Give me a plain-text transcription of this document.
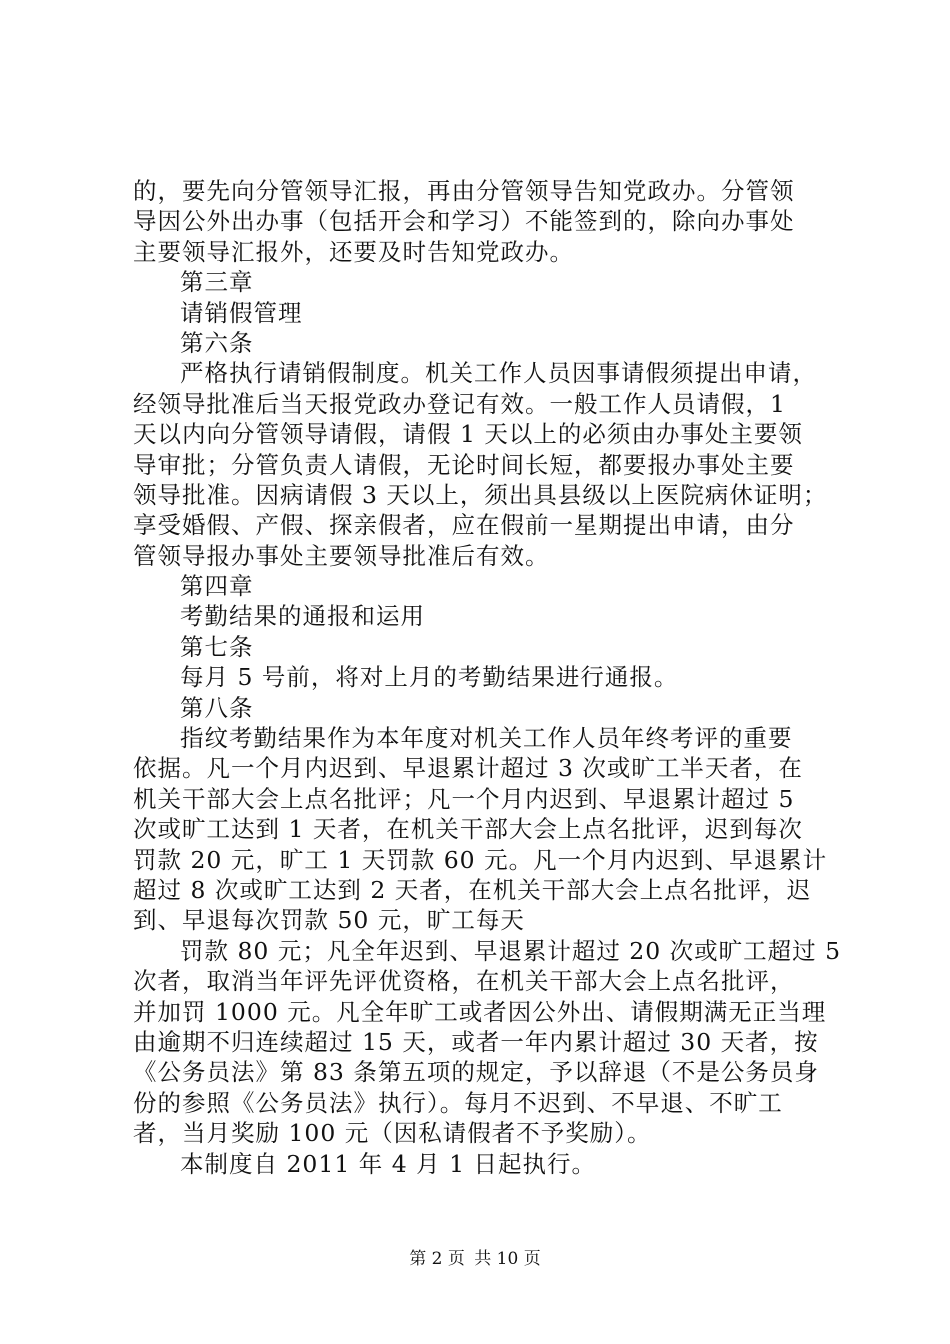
的，要先向分管领导汇报，再由分管领导告知党政办。分管领
导因公外出办事（包括开会和学习）不能签到的，除向办事处
主要领导汇报外，还要及时告知党政办。
第三章
请销假管理
第六条
严格执行请销假制度。机关工作人员因事请假须提出申请，
经领导批准后当天报党政办登记有效。一般工作人员请假，1
天以内向分管领导请假，请假 1 天以上的必须由办事处主要领
导审批；分管负责人请假，无论时间长短，都要报办事处主要
领导批准。因病请假 3 天以上，须出具县级以上医院病休证明；
享受婚假、产假、探亲假者，应在假前一星期提出申请，由分
管领导报办事处主要领导批准后有效。
第四章
考勤结果的通报和运用
第七条
每月 5 号前，将对上月的考勤结果进行通报。
第八条
指纹考勤结果作为本年度对机关工作人员年终考评的重要
依据。凡一个月内迟到、早退累计超过 3 次或旷工半天者，在
机关干部大会上点名批评；凡一个月内迟到、早退累计超过 5
次或旷工达到 1 天者，在机关干部大会上点名批评，迟到每次
罚款 20 元，旷工 1 天罚款 60 元。凡一个月内迟到、早退累计
超过 8 次或旷工达到 2 天者，在机关干部大会上点名批评，迟
到、早退每次罚款 50 元，旷工每天
罚款 80 元；凡全年迟到、早退累计超过 20 次或旷工超过 5
次者，取消当年评先评优资格，在机关干部大会上点名批评，
并加罚 1000 元。凡全年旷工或者因公外出、请假期满无正当理
由逾期不归连续超过 15 天，或者一年内累计超过 30 天者，按
《公务员法》第 83 条第五项的规定，予以辞退（不是公务员身
份的参照《公务员法》执行）。每月不迟到、不早退、不旷工
者，当月奖励 100 元（因私请假者不予奖励）。
本制度自 2011 年 4 月 1 日起执行。
第 2 页 共 10 页
